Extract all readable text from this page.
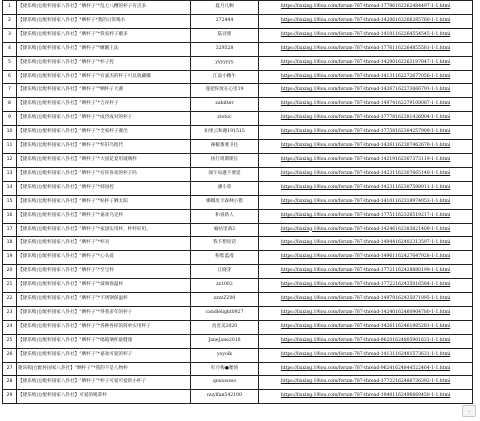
1	【捷乐购|仓配杯国家八卦社】“晒杯子”*乱七八糟的杯子有点多	夏月儿啊	https://lixxing.19lou.com/forum-787-thread-17786162262484497-1-1.html
2	【捷乐购|仓配杯国家八卦社】*晒杯子*我的日常喝水	272444	https://lixxing.19lou.com/forum-787-thread-14206163266285760-1-1.html
3	【捷乐购|仓配杯国家八卦社】“晒杯子”*我家杯子蘑多	陆诗蕾	https://lixxing.19lou.com/forum-787-thread-14101162264554545-1-1.html
4	【捷乐购|仓配杯国家八卦社】“晒杯子”*睡醒王法	329528	https://lixxing.19lou.com/forum-787-thread-17761162264855581-1-1.html
5	【捷乐购|仓配杯国家八卦社】“晒杯子”*杯子控	yyyyyyy	https://lixxing.19lou.com/forum-787-thread-14290162263197847-1-1.html
6	【捷乐购|仓配杯国家八卦社】“晒杯子”*有嘉杰的杯子可以收藏哦	江南小精牛	https://lixxing.19lou.com/forum-787-thread-14131162272677056-1-1.html
7	【捷乐购|仓配杯国家八卦社】“晒杯子”*晒杯子大赛	谨把你放在心里19	https://lixxing.19lou.com/forum-787-thread-14267162273666791-1-1.html
8	【捷乐购|仓配杯国家八卦社】“晒杯子”*吉祥杯子	zabitter	https://lixxing.19lou.com/forum-787-thread-14974162279108087-1-1.html
9	【捷乐购|仓配杯国家八卦社】“晒杯子”*成咨成对的杯子	ztotoc	https://lixxing.19lou.com/forum-787-thread-17778162281426004-1-1.html
10	【捷乐购|仓配杯国家八卦社】“晒杯子”*全家杯子赛出	如果云和谢191515	https://lixxing.19lou.com/forum-787-thread-17758162304257909-1-1.html
11	【捷乐购|仓配杯国家八卦社】“晒杯子”*怀旧乌程代	辣椒番薯卫往	https://lixxing.19lou.com/forum-787-thread-14261162307462670-1-1.html
12	【捷乐购|仓配杯国家八卦社】“晒杯子”*大国花宴用玻璃杯	执行周期斯长	https://lixxing.19lou.com/forum-787-thread-14219162307373119-1-1.html
13	【捷乐购|仓配杯国家八卦社】“晒杯子”*有你喜欢的杯子吗	端午每逢不要追	https://lixxing.19lou.com/forum-787-thread-14231162307665140-1-1.html
14	【捷乐购|仓配杯国家八卦社】“晒杯子”*韩国控	潘小荣	https://lixxing.19lou.com/forum-787-thread-14231162307598911-1-1.html
15	【捷乐购|仓配杯国家八卦社】“晒杯子”*贴杯子晒太阳	娜娜皮卡森林小猎	https://lixxing.19lou.com/forum-787-thread-14101162318974053-1-1.html
16	【捷乐购|仓配杯国家八卦社】“晒杯子”*嘉欢乌克杯	和睿新人	https://lixxing.19lou.com/forum-787-thread-17751162326519217-1-1.html
17	【捷乐购|仓配杯国家八卦社】“晒杯子”*家国实用杯，杯杯好用。	喻咕里萌2	https://lixxing.19lou.com/forum-787-thread-14246162383821409-1-1.html
18	【捷乐购|仓配杯国家八卦社】“晒杯子”*杯具	我不想说话	https://lixxing.19lou.com/forum-787-thread-14944162402313597-1-1.html
19	【捷乐购|仓配杯国家八卦社】“晒杯子”*心头爱	粉紫蓝漫	https://lixxing.19lou.com/forum-787-thread-14961162427047928-1-1.html
20	【捷乐购|仓配杯国家八卦社】“晒杯子”*至宝杯	江晓芽	https://lixxing.19lou.com/forum-787-thread-17721162428880199-1-1.html
21	【捷乐购|仓配杯国家八卦社】“晒杯子”*玻璃保温杯	zz1002	https://lixxing.19lou.com/forum-787-thread-17722162435016584-1-1.html
22	【捷乐购|仓配杯国家八卦社】“晒杯子”*不锈钢保温杯	zzzzZ200	https://lixxing.19lou.com/forum-787-thread-14979162435071995-1-1.html
23	【捷乐购|仓配杯国家八卦社】“晒杯子”*得我多年的杯子	candlelight0927	https://lixxing.19lou.com/forum-787-thread-14240162460904780-1-1.html
24	【捷乐购|仓配杯国家八卦社】“晒杯子”*各种各样的简单实用杯子	真善美2020	https://lixxing.19lou.com/forum-787-thread-14261162461985281-1-1.html
25	【捷乐购|仓配杯国家八卦社】“晒杯子”*喝玻璃杯最健康	JaneJane2016	https://lixxing.19lou.com/forum-787-thread-96201624805901631-1-1.html
26	【捷乐购|仓配杯国家八卦社】“晒杯子”*嘉欢可爱的杯子	yoyolk	https://lixxing.19lou.com/forum-787-thread-14131162481573631-1-1.html
27	捷乐购|仓配杯国家八卦社】“晒杯子”*我的不是人物杯	红月梅●雅情	https://lixxing.19lou.com/forum-787-thread-96241624844522464-1-1.html
28	【捷乐购|仓配杯国家八卦社】“晒杯子”*杯子可爱可爱的小杯子	qnuuwsso	https://lixxing.19lou.com/forum-787-thread-17722162486736392-1-1.html
29	【捷乐购|仓配杯国家八卦社】可爱的喝掌杯	nuylfan542100	https://lixxing.19lou.com/forum-787-thread-19401162496669450-1-1.html
⌄
